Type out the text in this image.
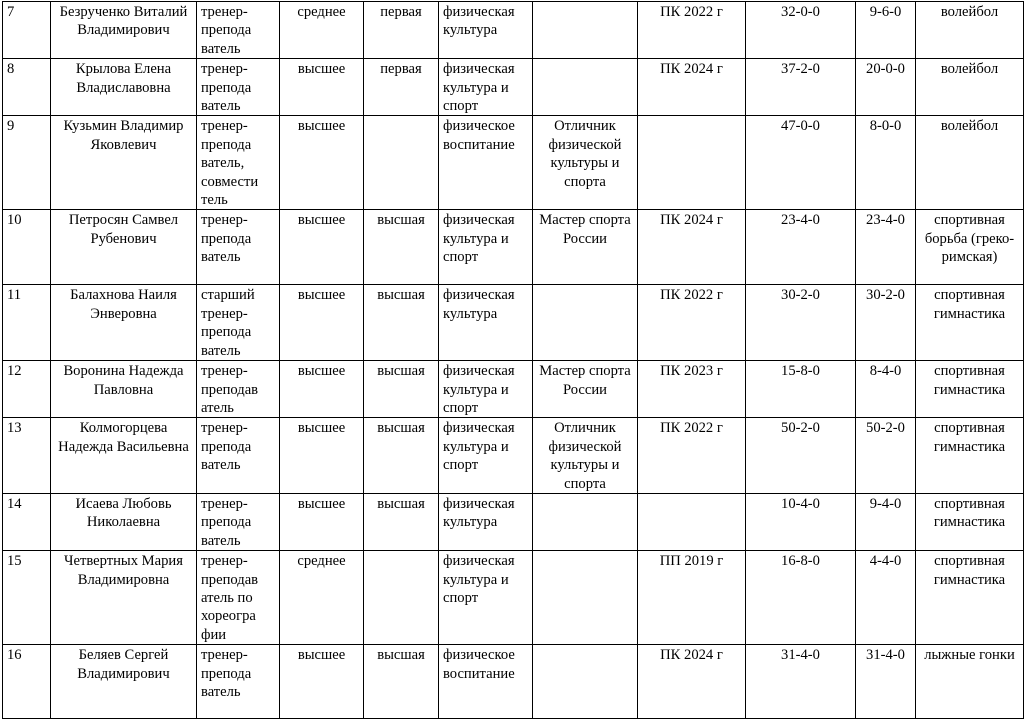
7	Безрученко Виталий Владимирович	тренер-препода ватель	среднее	первая	физическая культура		ПК 2022 г	32-0-0	9-6-0	волейбол
8	Крылова Елена Владиславовна	тренер-препода ватель	высшее	первая	физическая культура и спорт		ПК 2024 г	37-2-0	20-0-0	волейбол
9	Кузьмин Владимир Яковлевич	тренер-препода ватель, совмести тель	высшее		физическое воспитание	Отличник физической культуры и спорта		47-0-0	8-0-0	волейбол
10	Петросян Самвел Рубенович	тренер-препода ватель	высшее	высшая	физическая культура и спорт	Мастер спорта России	ПК 2024 г	23-4-0	23-4-0	спортивная борьба (греко-римская)
11	Балахнова Наиля Энверовна	старший тренер-препода ватель	высшее	высшая	физическая культура		ПК 2022 г	30-2-0	30-2-0	спортивная гимнастика
12	Воронина Надежда Павловна	тренер-преподав атель	высшее	высшая	физическая культура и спорт	Мастер спорта России	ПК 2023 г	15-8-0	8-4-0	спортивная гимнастика
13	Колмогорцева Надежда Васильевна	тренер-препода ватель	высшее	высшая	физическая культура и спорт	Отличник физической культуры и спорта	ПК 2022 г	50-2-0	50-2-0	спортивная гимнастика
14	Исаева Любовь Николаевна	тренер-препода ватель	высшее	высшая	физическая культура			10-4-0	9-4-0	спортивная гимнастика
15	Четвертных Мария Владимировна	тренер-преподав атель по хореогра фии	среднее		физическая культура и спорт		ПП 2019 г	16-8-0	4-4-0	спортивная гимнастика
16	Беляев Сергей Владимирович	тренер-препода ватель	высшее	высшая	физическое воспитание		ПК 2024 г	31-4-0	31-4-0	лыжные гонки
